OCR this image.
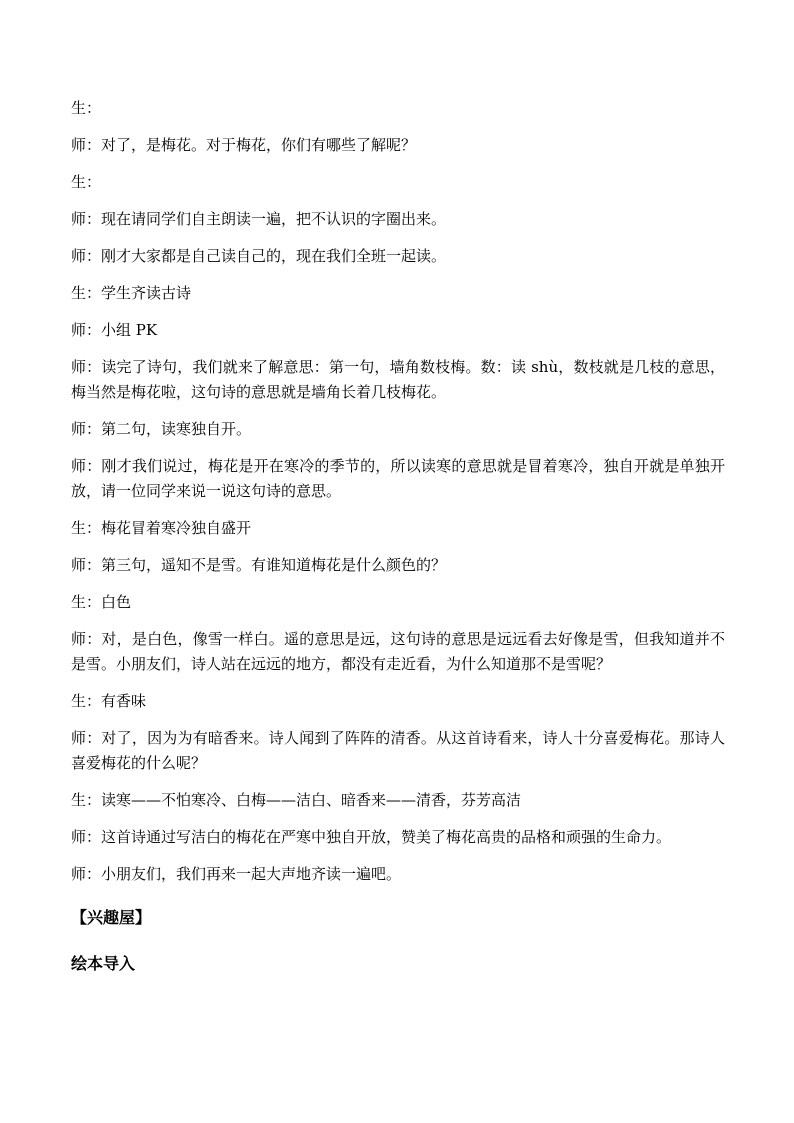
生：

师：对了，是梅花。对于梅花，你们有哪些了解呢？

生：

师：现在请同学们自主朗读一遍，把不认识的字圈出来。

师：刚才大家都是自己读自己的，现在我们全班一起读。

生：学生齐读古诗

师：小组 PK

师：读完了诗句，我们就来了解意思：第一句，墙角数枝梅。数：读 shù，数枝就是几枝的意思，梅当然是梅花啦，这句诗的意思就是墙角长着几枝梅花。

师：第二句，读寒独自开。

师：刚才我们说过，梅花是开在寒冷的季节的，所以读寒的意思就是冒着寒冷，独自开就是单独开放，请一位同学来说一说这句诗的意思。

生：梅花冒着寒冷独自盛开

师：第三句，遥知不是雪。有谁知道梅花是什么颜色的？

生：白色

师：对，是白色，像雪一样白。遥的意思是远，这句诗的意思是远远看去好像是雪，但我知道并不是雪。小朋友们，诗人站在远远的地方，都没有走近看，为什么知道那不是雪呢？

生：有香味

师：对了，因为为有暗香来。诗人闻到了阵阵的清香。从这首诗看来，诗人十分喜爱梅花。那诗人喜爱梅花的什么呢？

生：读寒——不怕寒冷、白梅——洁白、暗香来——清香，芬芳高洁

师：这首诗通过写洁白的梅花在严寒中独自开放，赞美了梅花高贵的品格和顽强的生命力。

师：小朋友们，我们再来一起大声地齐读一遍吧。

【兴趣屋】
绘本导入
